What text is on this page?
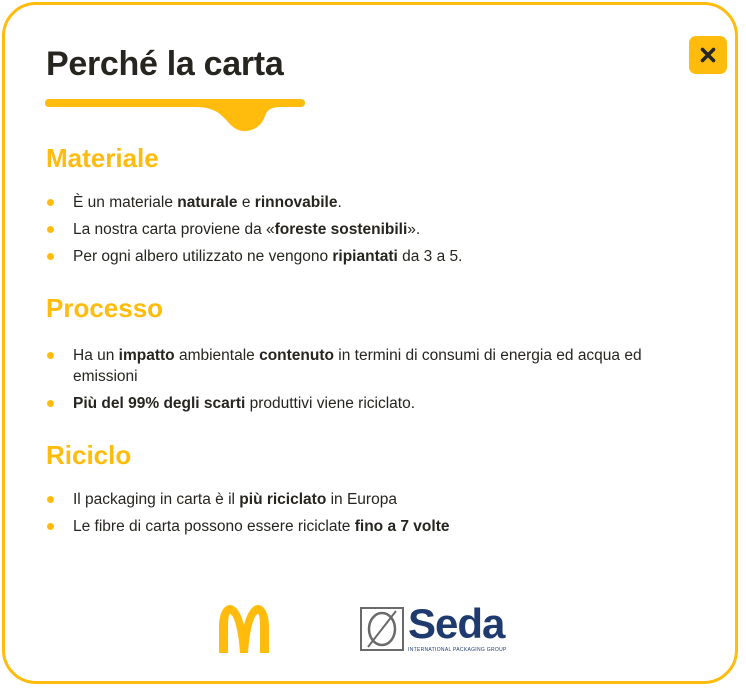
Perché la carta
Materiale
È un materiale naturale e rinnovabile.
La nostra carta proviene da «foreste sostenibili».
Per ogni albero utilizzato ne vengono ripiantati da 3 a 5.
Processo
Ha un impatto ambientale contenuto in termini di consumi di energia ed acqua ed emissioni
Più del 99% degli scarti produttivi viene riciclato.
Riciclo
Il packaging in carta è il più riciclato in Europa
Le fibre di carta possono essere riciclate fino a 7 volte
Seda
INTERNATIONAL PACKAGING GROUP
